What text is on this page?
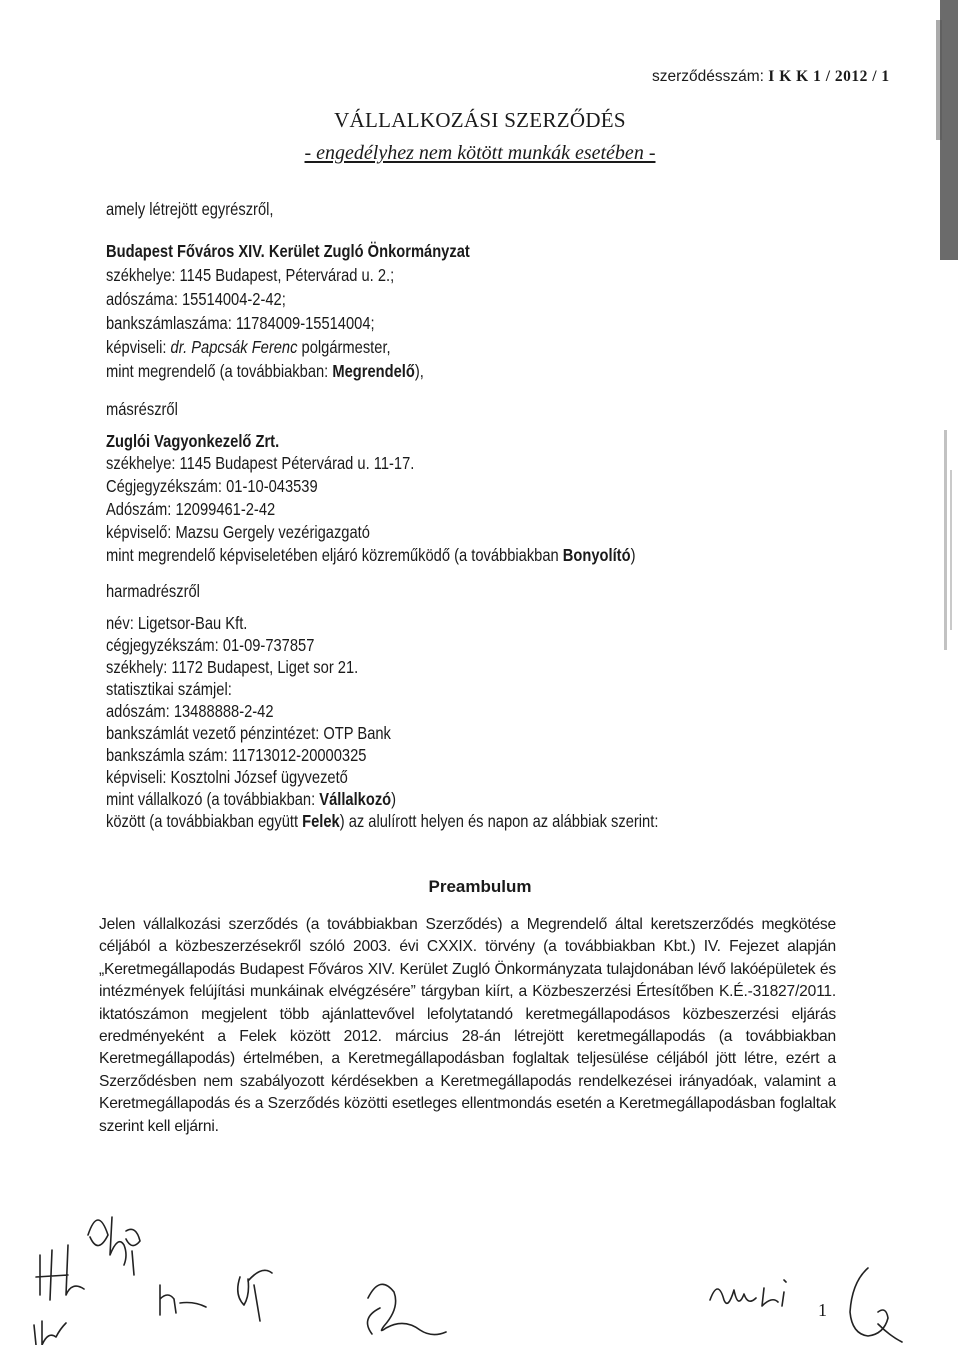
szerződésszám: I K K 1 / 2012 / 1
VÁLLALKOZÁSI SZERZŐDÉS
- engedélyhez nem kötött munkák esetében -
amely létrejött egyrészről,
Budapest Főváros XIV. Kerület Zugló Önkormányzat
székhelye: 1145 Budapest, Pétervárad u. 2.;
adószáma: 15514004-2-42;
bankszámlaszáma: 11784009-15514004;
képviseli: dr. Papcsák Ferenc polgármester,
mint megrendelő (a továbbiakban: Megrendelő),
másrészről
Zuglói Vagyonkezelő Zrt.
székhelye: 1145 Budapest Pétervárad u. 11-17.
Cégjegyzékszám: 01-10-043539
Adószám: 12099461-2-42
képviselő: Mazsu Gergely vezérigazgató
mint megrendelő képviseletében eljáró közreműködő (a továbbiakban Bonyolító)
harmadrészről
név: Ligetsor-Bau Kft.
cégjegyzékszám: 01-09-737857
székhely: 1172 Budapest, Liget sor 21.
statisztikai számjel:
adószám: 13488888-2-42
bankszámlát vezető pénzintézet: OTP Bank
bankszámla szám: 11713012-20000325
képviseli: Kosztolni József ügyvezető
mint vállalkozó (a továbbiakban: Vállalkozó)
között (a továbbiakban együtt Felek) az alulírott helyen és napon az alábbiak szerint:
Preambulum
Jelen vállalkozási szerződés (a továbbiakban Szerződés) a Megrendelő által keretszerződés megkötése céljából a közbeszerzésekről szóló 2003. évi CXXIX. törvény (a továbbiakban Kbt.) IV. Fejezet alapján „Keretmegállapodás Budapest Főváros XIV. Kerület Zugló Önkormányzata tulajdonában lévő lakóépületek és intézmények felújítási munkáinak elvégzésére” tárgyban kiírt, a Közbeszerzési Értesítőben K.É.-31827/2011. iktatószámon megjelent több ajánlattevővel lefolytatandó keretmegállapodásos közbeszerzési eljárás eredményeként a Felek között 2012. március 28-án létrejött keretmegállapodás (a továbbiakban Keretmegállapodás) értelmében, a Keretmegállapodásban foglaltak teljesülése céljából jött létre, ezért a Szerződésben nem szabályozott kérdésekben a Keretmegállapodás rendelkezései irányadóak, valamint a Keretmegállapodás és a Szerződés közötti esetleges ellentmondás esetén a Keretmegállapodásban foglaltak szerint kell eljárni.
1
